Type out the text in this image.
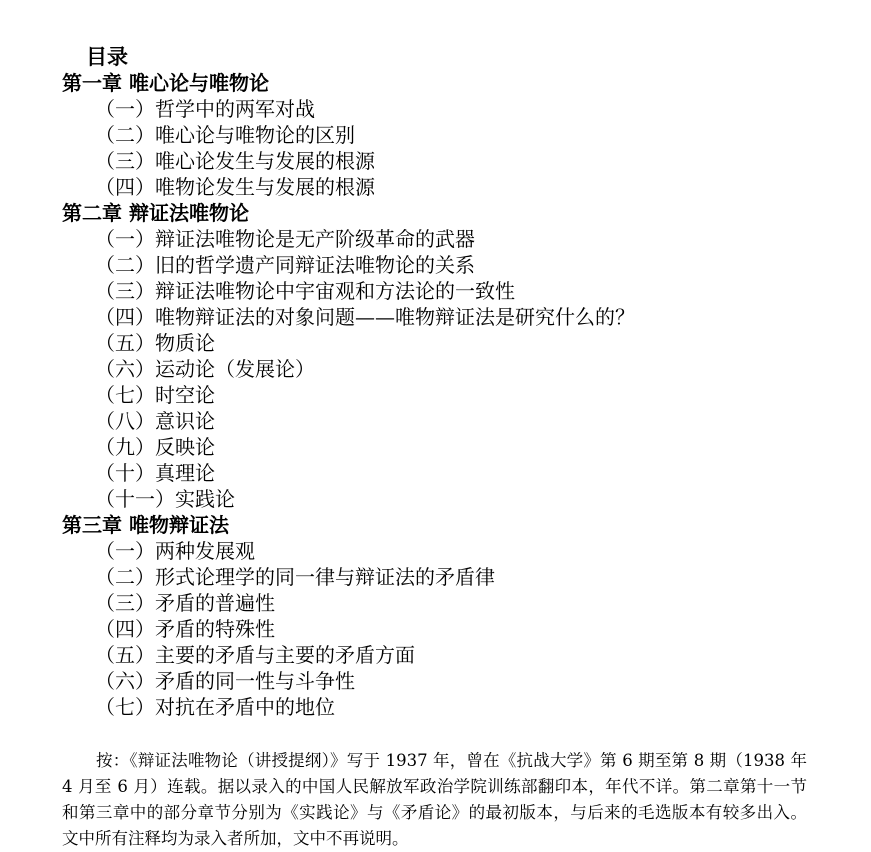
目录
第一章 唯心论与唯物论
（一）哲学中的两军对战
（二）唯心论与唯物论的区别
（三）唯心论发生与发展的根源
（四）唯物论发生与发展的根源
第二章 辩证法唯物论
（一）辩证法唯物论是无产阶级革命的武器
（二）旧的哲学遗产同辩证法唯物论的关系
（三）辩证法唯物论中宇宙观和方法论的一致性
（四）唯物辩证法的对象问题——唯物辩证法是研究什么的？
（五）物质论
（六）运动论（发展论）
（七）时空论
（八）意识论
（九）反映论
（十）真理论
（十一）实践论
第三章 唯物辩证法
（一）两种发展观
（二）形式论理学的同一律与辩证法的矛盾律
（三）矛盾的普遍性
（四）矛盾的特殊性
（五）主要的矛盾与主要的矛盾方面
（六）矛盾的同一性与斗争性
（七）对抗在矛盾中的地位

按：《辩证法唯物论（讲授提纲）》写于 1937 年，曾在《抗战大学》第 6 期至第 8 期（1938 年 4 月至 6 月）连载。据以录入的中国人民解放军政治学院训练部翻印本，年代不详。第二章第十一节和第三章中的部分章节分别为《实践论》与《矛盾论》的最初版本，与后来的毛选版本有较多出入。 文中所有注释均为录入者所加，文中不再说明。
